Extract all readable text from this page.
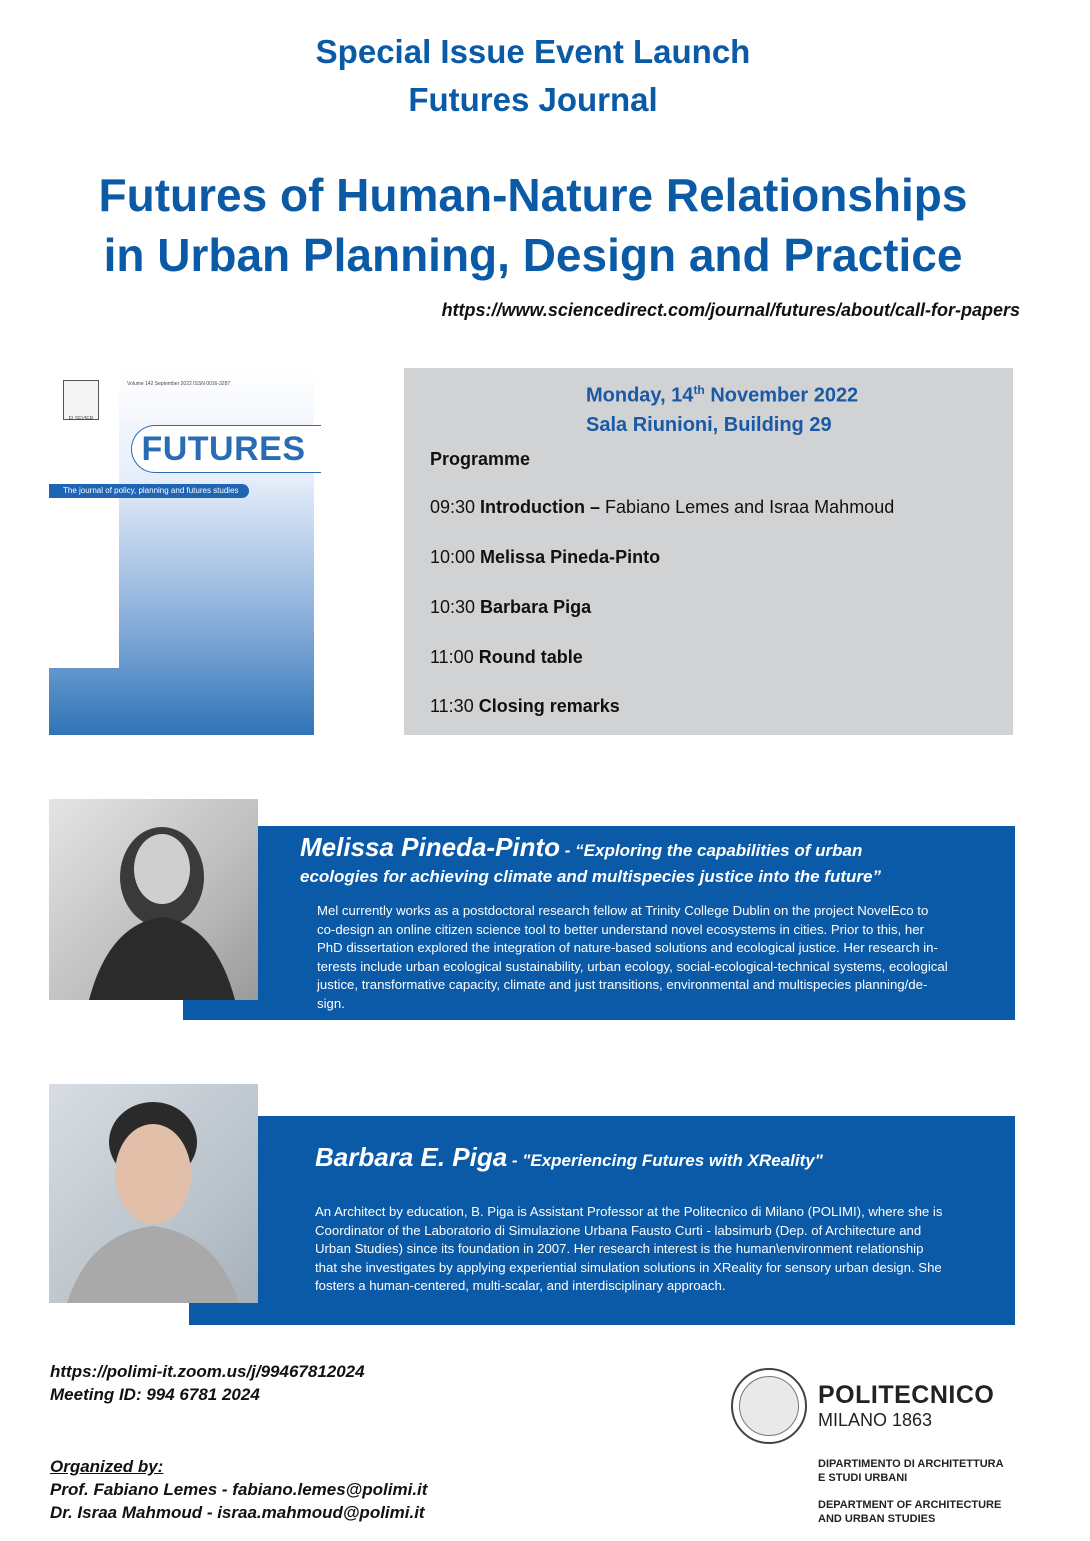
Special Issue Event Launch
Futures Journal
Futures of Human-Nature Relationships
in Urban Planning, Design and Practice
https://www.sciencedirect.com/journal/futures/about/call-for-papers
ELSEVIER
Volume 142 September 2022 ISSN 0016-3287
FUTURES
The journal of policy, planning and futures studies
Monday, 14th November 2022
Sala Riunioni, Building 29
Programme
09:30 Introduction – Fabiano Lemes and Israa Mahmoud
10:00 Melissa Pineda-Pinto
10:30 Barbara Piga
11:00 Round table
11:30 Closing remarks
Melissa Pineda-Pinto - “Exploring the capabilities of urban
ecologies for achieving climate and multispecies justice into the future”
Mel currently works as a postdoctoral research fellow at Trinity College Dublin on the project NovelEco to
co-design an online citizen science tool to better understand novel ecosystems in cities. Prior to this, her
PhD dissertation explored the integration of nature-based solutions and ecological justice. Her research in-
terests include urban ecological sustainability, urban ecology, social-ecological-technical systems, ecological
justice, transformative capacity, climate and just transitions, environmental and multispecies planning/de-
sign.
Barbara E. Piga - "Experiencing Futures with XReality"
An Architect by education, B. Piga is Assistant Professor at the Politecnico di Milano (POLIMI), where she is
Coordinator of the Laboratorio di Simulazione Urbana Fausto Curti - labsimurb (Dep. of Architecture and
Urban Studies) since its foundation in 2007. Her research interest is the human\environment relationship
that she investigates by applying experiential simulation solutions in XReality for sensory urban design. She
fosters a human-centered, multi-scalar, and interdisciplinary approach.
https://polimi-it.zoom.us/j/99467812024
Meeting ID: 994 6781 2024
Organized by:
Prof. Fabiano Lemes - fabiano.lemes@polimi.it
Dr. Israa Mahmoud - israa.mahmoud@polimi.it
POLITECNICO
MILANO 1863
DIPARTIMENTO DI ARCHITETTURA
E STUDI URBANI
DEPARTMENT OF ARCHITECTURE
AND URBAN STUDIES
